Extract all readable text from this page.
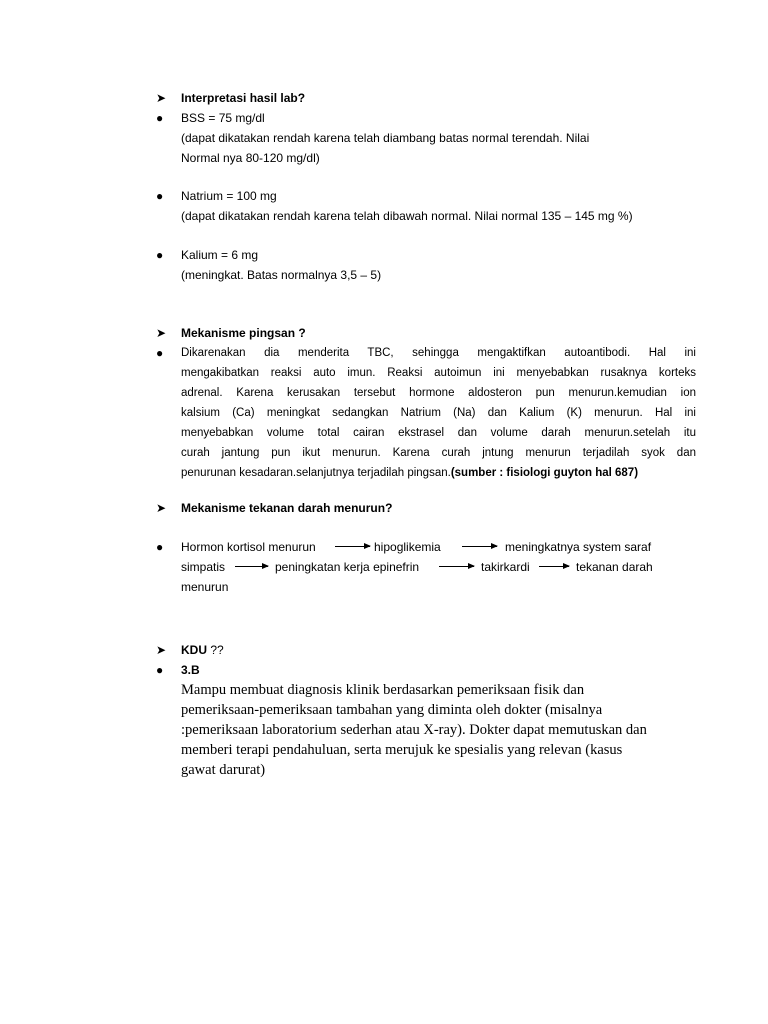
➤	Interpretasi hasil lab?
●	BSS = 75 mg/dl
(dapat dikatakan rendah karena telah diambang batas normal terendah. Nilai
Normal nya 80-120 mg/dl)
●	Natrium = 100 mg
(dapat dikatakan rendah karena telah dibawah normal. Nilai normal 135 – 145 mg %)
●	Kalium = 6 mg
(meningkat. Batas normalnya 3,5 – 5)
➤	Mekanisme pingsan ?
●	Dikarenakan dia menderita TBC, sehingga mengaktifkan autoantibodi. Hal ini
mengakibatkan reaksi auto imun. Reaksi autoimun ini menyebabkan rusaknya korteks
adrenal. Karena kerusakan tersebut hormone aldosteron pun menurun.kemudian ion
kalsium (Ca) meningkat sedangkan Natrium (Na) dan Kalium (K) menurun. Hal ini
menyebabkan volume total cairan ekstrasel dan volume darah menurun.setelah itu
curah jantung pun ikut menurun. Karena curah jntung menurun terjadilah syok dan
penurunan kesadaran.selanjutnya terjadilah pingsan.(sumber : fisiologi guyton hal 687)
➤	Mekanisme tekanan darah menurun?
●	Hormon kortisol menurun	hipoglikemia	meningkatnya system saraf
simpatis	peningkatan kerja epinefrin	takirkardi	tekanan darah
menurun
➤	KDU ??
●	3.B
Mampu membuat diagnosis klinik berdasarkan pemeriksaan fisik dan
pemeriksaan-pemeriksaan tambahan yang diminta oleh dokter (misalnya
:pemeriksaan laboratorium sederhan atau X-ray). Dokter dapat memutuskan dan
memberi terapi pendahuluan, serta merujuk ke spesialis yang relevan (kasus
gawat darurat)
